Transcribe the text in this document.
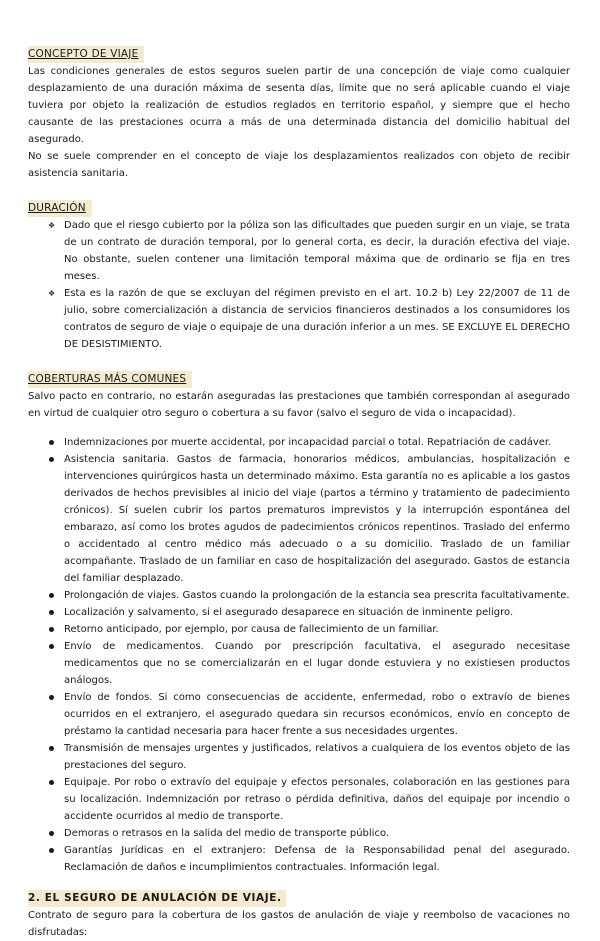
CONCEPTO DE VIAJE

Las condiciones generales de estos seguros suelen partir de una concepción de viaje como cualquier desplazamiento de una duración máxima de sesenta días, límite que no será aplicable cuando el viaje tuviera por objeto la realización de estudios reglados en territorio español, y siempre que el hecho causante de las prestaciones ocurra a más de una determinada distancia del domicilio habitual del asegurado.

No se suele comprender en el concepto de viaje los desplazamientos realizados con objeto de recibir asistencia sanitaria.

DURACIÓN
❖ Dado que el riesgo cubierto por la póliza son las dificultades que pueden surgir en un viaje, se trata de un contrato de duración temporal, por lo general corta, es decir, la duración efectiva del viaje. No obstante, suelen contener una limitación temporal máxima que de ordinario se fija en tres meses.
❖ Esta es la razón de que se excluyan del régimen previsto en el art. 10.2 b) Ley 22/2007 de 11 de julio, sobre comercialización a distancia de servicios financieros destinados a los consumidores los contratos de seguro de viaje o equipaje de una duración inferior a un mes. SE EXCLUYE EL DERECHO DE DESISTIMIENTO.
COBERTURAS MÁS COMUNES

Salvo pacto en contrario, no estarán aseguradas las prestaciones que también correspondan al asegurado en virtud de cualquier otro seguro o cobertura a su favor (salvo el seguro de vida o incapacidad).

Indemnizaciones por muerte accidental, por incapacidad parcial o total. Repatriación de cadáver.
Asistencia sanitaria. Gastos de farmacia, honorarios médicos, ambulancias, hospitalización e intervenciones quirúrgicos hasta un determinado máximo. Esta garantía no es aplicable a los gastos derivados de hechos previsibles al inicio del viaje (partos a término y tratamiento de padecimiento crónicos). Sí suelen cubrir los partos prematuros imprevistos y la interrupción espontánea del embarazo, así como los brotes agudos de padecimientos crónicos repentinos. Traslado del enfermo o accidentado al centro médico más adecuado o a su domicilio. Traslado de un familiar acompañante. Traslado de un familiar en caso de hospitalización del asegurado. Gastos de estancia del familiar desplazado.
Prolongación de viajes. Gastos cuando la prolongación de la estancia sea prescrita facultativamente.
Localización y salvamento, si el asegurado desaparece en situación de inminente peligro.
Retorno anticipado, por ejemplo, por causa de fallecimiento de un familiar.
Envío de medicamentos. Cuando por prescripción facultativa, el asegurado necesitase medicamentos que no se comercializarán en el lugar donde estuviera y no existiesen productos análogos.
Envío de fondos. Si como consecuencias de accidente, enfermedad, robo o extravío de bienes ocurridos en el extranjero, el asegurado quedara sin recursos económicos, envío en concepto de préstamo la cantidad necesaria para hacer frente a sus necesidades urgentes.
Transmisión de mensajes urgentes y justificados, relativos a cualquiera de los eventos objeto de las prestaciones del seguro.
Equipaje. Por robo o extravío del equipaje y efectos personales, colaboración en las gestiones para su localización. Indemnización por retraso o pérdida definitiva, daños del equipaje por incendio o accidente ocurridos al medio de transporte.
Demoras o retrasos en la salida del medio de transporte público.
Garantías Jurídicas en el extranjero: Defensa de la Responsabilidad penal del asegurado. Reclamación de daños e incumplimientos contractuales. Información legal.
2. EL SEGURO DE ANULACIÓN DE VIAJE.

Contrato de seguro para la cobertura de los gastos de anulación de viaje y reembolso de vacaciones no disfrutadas:
